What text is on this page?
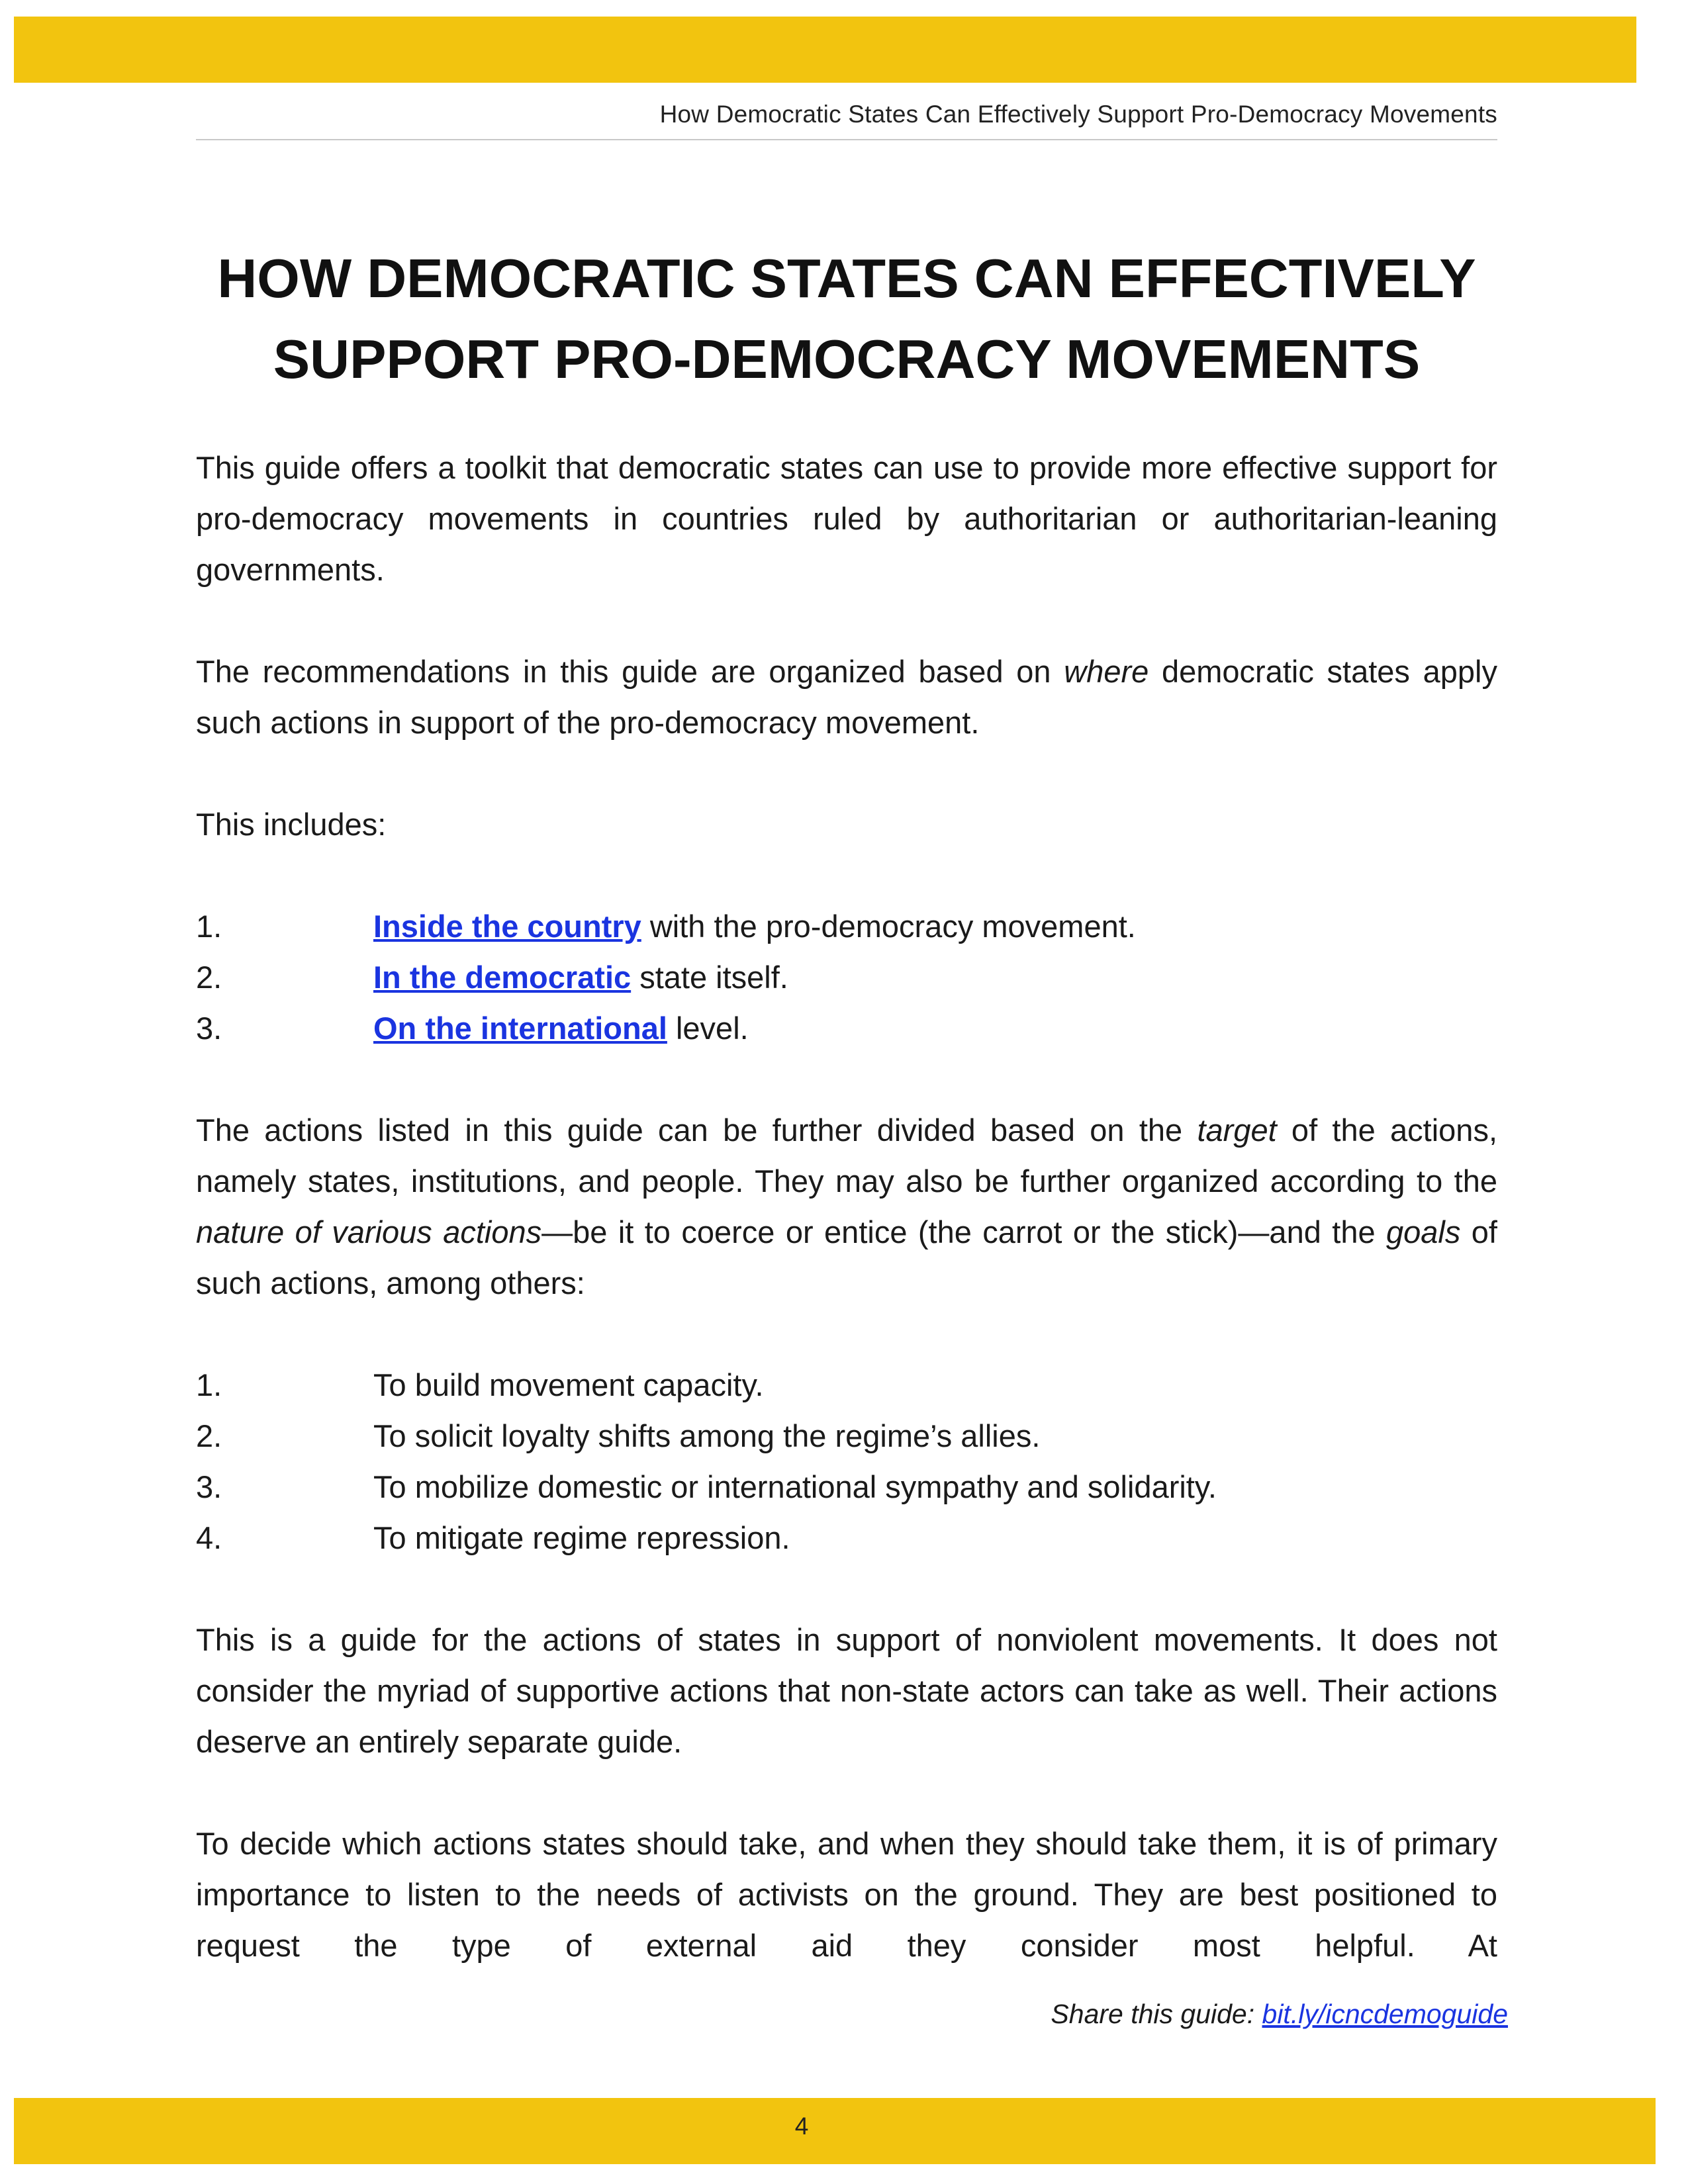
How Democratic States Can Effectively Support Pro-Democracy Movements
HOW DEMOCRATIC STATES CAN EFFECTIVELY
SUPPORT PRO-DEMOCRACY MOVEMENTS

This guide offers a toolkit that democratic states can use to provide more effective support for pro-democracy movements in countries ruled by authoritarian or authoritarian-leaning governments.

The recommendations in this guide are organized based on where democratic states apply such actions in support of the pro-democracy movement.

This includes:

1.	Inside the country with the pro-democracy movement.
2.	In the democratic state itself.
3.	On the international level.

The actions listed in this guide can be further divided based on the target of the actions, namely states, institutions, and people. They may also be further organized according to the nature of various actions—be it to coerce or entice (the carrot or the stick)—and the goals of such actions, among others:

1.	To build movement capacity.
2.	To solicit loyalty shifts among the regime’s allies.
3.	To mobilize domestic or international sympathy and solidarity.
4.	To mitigate regime repression.

This is a guide for the actions of states in support of nonviolent movements. It does not consider the myriad of supportive actions that non-state actors can take as well. Their actions deserve an entirely separate guide.

To decide which actions states should take, and when they should take them, it is of primary importance to listen to the needs of activists on the ground. They are best positioned to request the type of external aid they consider most helpful. At

Share this guide: bit.ly/icncdemoguide
4
